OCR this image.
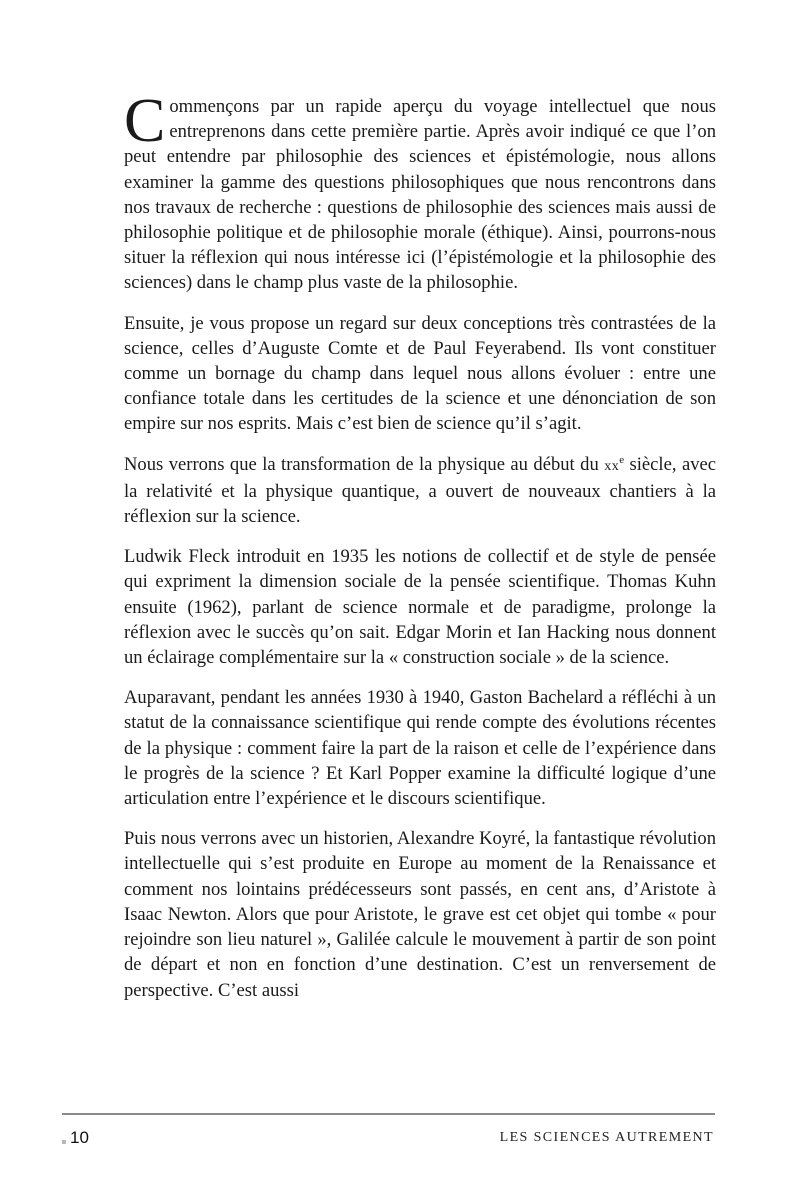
Commençons par un rapide aperçu du voyage intellectuel que nous entreprenons dans cette première partie. Après avoir indiqué ce que l’on peut entendre par philosophie des sciences et épistémologie, nous allons examiner la gamme des questions philosophiques que nous rencontrons dans nos travaux de recherche : questions de philosophie des sciences mais aussi de philosophie politique et de philosophie morale (éthique). Ainsi, pourrons-nous situer la réflexion qui nous intéresse ici (l’épistémologie et la philosophie des sciences) dans le champ plus vaste de la philosophie.

Ensuite, je vous propose un regard sur deux conceptions très contrastées de la science, celles d’Auguste Comte et de Paul Feyerabend. Ils vont constituer comme un bornage du champ dans lequel nous allons évoluer : entre une confiance totale dans les certitudes de la science et une dénonciation de son empire sur nos esprits. Mais c’est bien de science qu’il s’agit.

Nous verrons que la transformation de la physique au début du $xx^e$ siècle, avec la relativité et la physique quantique, a ouvert de nouveaux chantiers à la réflexion sur la science.

Ludwik Fleck introduit en 1935 les notions de collectif et de style de pensée qui expriment la dimension sociale de la pensée scientifique. Thomas Kuhn ensuite (1962), parlant de science normale et de paradigme, prolonge la réflexion avec le succès qu’on sait. Edgar Morin et Ian Hacking nous donnent un éclairage complémentaire sur la « construction sociale » de la science.

Auparavant, pendant les années 1930 à 1940, Gaston Bachelard a réfléchi à un statut de la connaissance scientifique qui rende compte des évolutions récentes de la physique : comment faire la part de la raison et celle de l’expérience dans le progrès de la science ? Et Karl Popper examine la difficulté logique d’une articulation entre l’expérience et le discours scientifique.

Puis nous verrons avec un historien, Alexandre Koyré, la fantastique révolution intellectuelle qui s’est produite en Europe au moment de la Renaissance et comment nos lointains prédécesseurs sont passés, en cent ans, d’Aristote à Isaac Newton. Alors que pour Aristote, le grave est cet objet qui tombe « pour rejoindre son lieu naturel », Galilée calcule le mouvement à partir de son point de départ et non en fonction d’une destination. C’est un renversement de perspective. C’est aussi

10	LES SCIENCES AUTREMENT
